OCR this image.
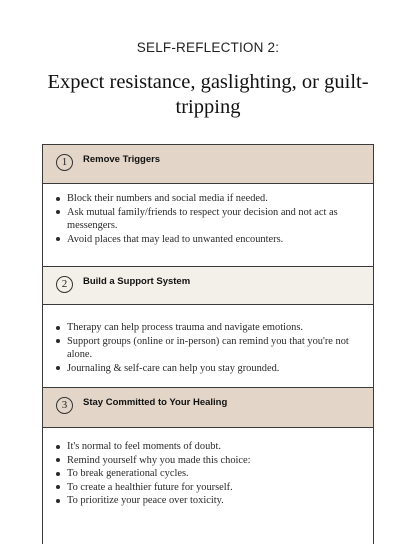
SELF-REFLECTION 2:
Expect resistance, gaslighting, or guilt-tripping
1	Remove Triggers
Block their numbers and social media if needed.
Ask mutual family/friends to respect your decision and not act as messengers.
Avoid places that may lead to unwanted encounters.
2	Build a Support System
Therapy can help process trauma and navigate emotions.
Support groups (online or in-person) can remind you that you're not alone.
Journaling & self-care can help you stay grounded.
3	Stay Committed to Your Healing
It's normal to feel moments of doubt.
Remind yourself why you made this choice:
To break generational cycles.
To create a healthier future for yourself.
To prioritize your peace over toxicity.
